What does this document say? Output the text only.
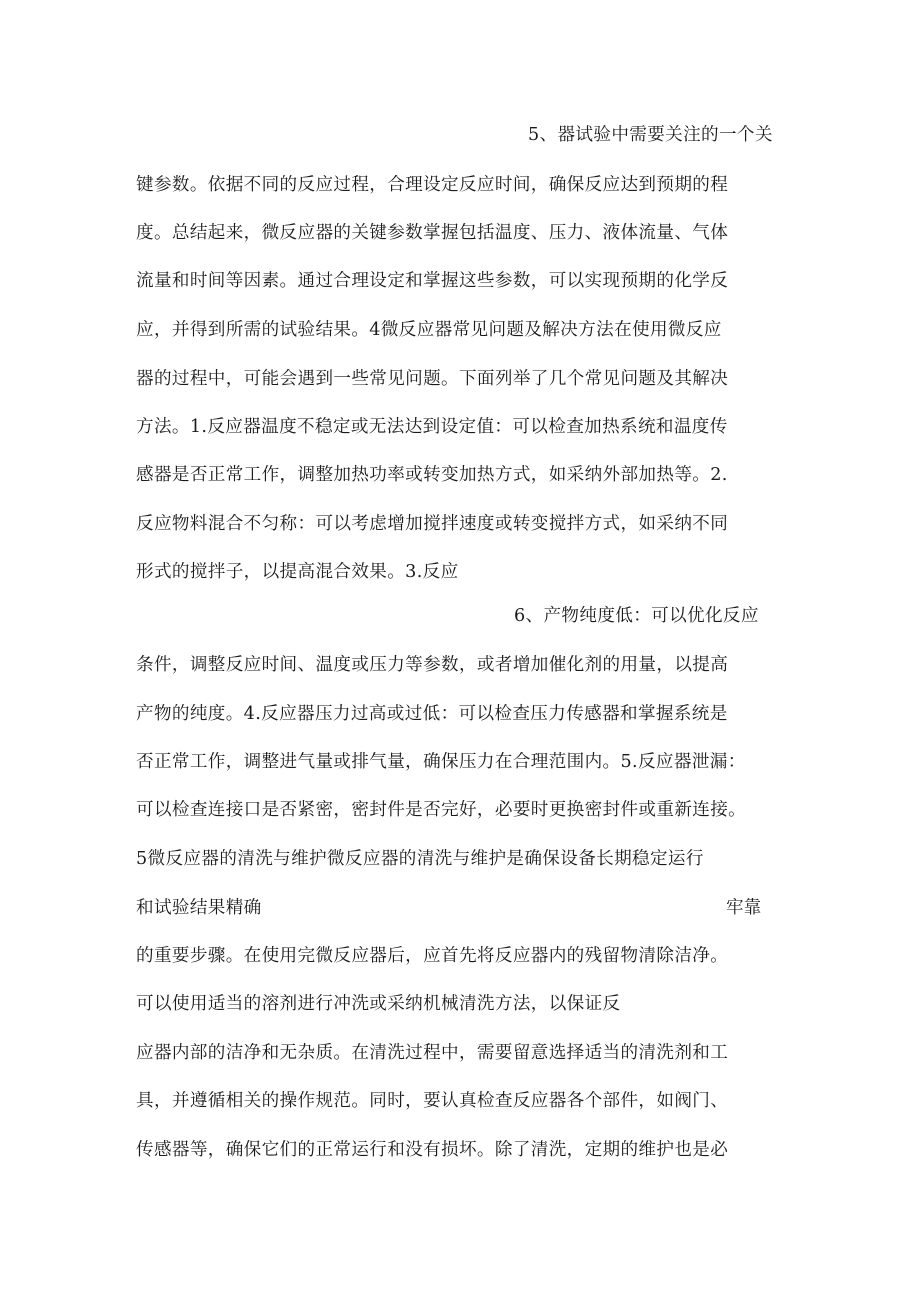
5、器试验中需要关注的一个关
键参数。依据不同的反应过程，合理设定反应时间，确保反应达到预期的程
度。总结起来，微反应器的关键参数掌握包括温度、压力、液体流量、气体
流量和时间等因素。通过合理设定和掌握这些参数，可以实现预期的化学反
应，并得到所需的试验结果。4微反应器常见问题及解决方法在使用微反应
器的过程中，可能会遇到一些常见问题。下面列举了几个常见问题及其解决
方法。1.反应器温度不稳定或无法达到设定值：可以检查加热系统和温度传
感器是否正常工作，调整加热功率或转变加热方式，如采纳外部加热等。2.
反应物料混合不匀称：可以考虑增加搅拌速度或转变搅拌方式，如采纳不同
形式的搅拌子，以提高混合效果。3.反应
6、产物纯度低：可以优化反应
条件，调整反应时间、温度或压力等参数，或者增加催化剂的用量，以提高
产物的纯度。4.反应器压力过高或过低：可以检查压力传感器和掌握系统是
否正常工作，调整进气量或排气量，确保压力在合理范围内。5.反应器泄漏：
可以检查连接口是否紧密，密封件是否完好，必要时更换密封件或重新连接。
5微反应器的清洗与维护微反应器的清洗与维护是确保设备长期稳定运行
和试验结果精确	牢靠
的重要步骤。在使用完微反应器后，应首先将反应器内的残留物清除洁净。
可以使用适当的溶剂进行冲洗或采纳机械清洗方法，以保证反
应器内部的洁净和无杂质。在清洗过程中，需要留意选择适当的清洗剂和工
具，并遵循相关的操作规范。同时，要认真检查反应器各个部件，如阀门、
传感器等，确保它们的正常运行和没有损坏。除了清洗，定期的维护也是必
